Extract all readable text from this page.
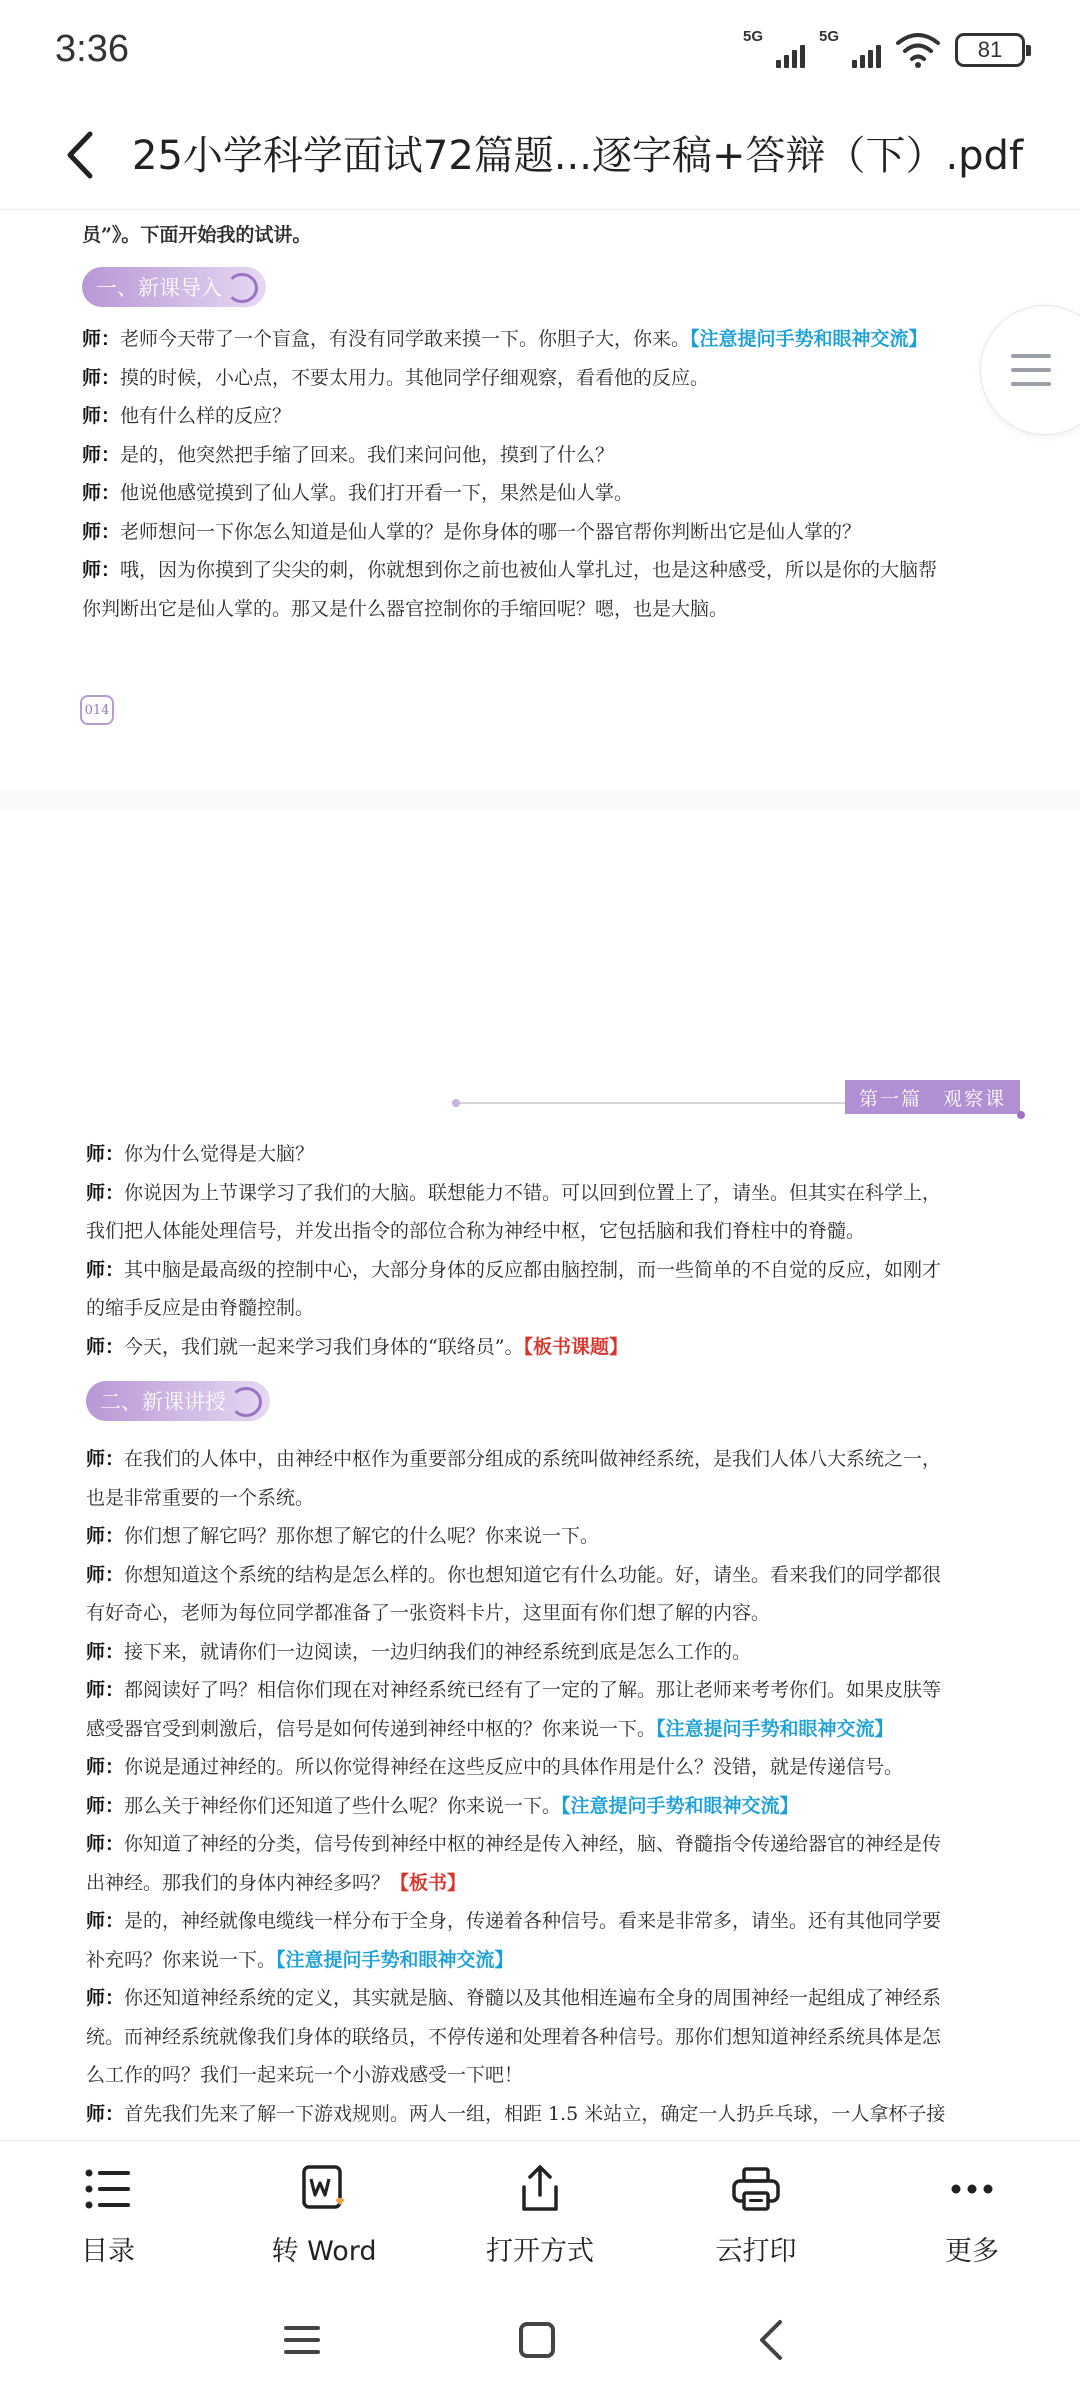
3:36	5G	5G
81
25小学科学面试72篇题...逐字稿+答辩（下）.pdf
员”》。下面开始我的试讲。
一、新课导入
师：老师今天带了一个盲盒，有没有同学敢来摸一下。你胆子大，你来。【注意提问手势和眼神交流】
师：摸的时候，小心点，不要太用力。其他同学仔细观察，看看他的反应。
师：他有什么样的反应？
师：是的，他突然把手缩了回来。我们来问问他，摸到了什么？
师：他说他感觉摸到了仙人掌。我们打开看一下，果然是仙人掌。
师：老师想问一下你怎么知道是仙人掌的？是你身体的哪一个器官帮你判断出它是仙人掌的？
师：哦，因为你摸到了尖尖的刺，你就想到你之前也被仙人掌扎过，也是这种感受，所以是你的大脑帮
你判断出它是仙人掌的。那又是什么器官控制你的手缩回呢？嗯，也是大脑。
014
第一篇　观察课
师：你为什么觉得是大脑？
师：你说因为上节课学习了我们的大脑。联想能力不错。可以回到位置上了，请坐。但其实在科学上，
我们把人体能处理信号，并发出指令的部位合称为神经中枢，它包括脑和我们脊柱中的脊髓。
师：其中脑是最高级的控制中心，大部分身体的反应都由脑控制，而一些简单的不自觉的反应，如刚才
的缩手反应是由脊髓控制。
师：今天，我们就一起来学习我们身体的“联络员”。【板书课题】
二、新课讲授
师：在我们的人体中，由神经中枢作为重要部分组成的系统叫做神经系统，是我们人体八大系统之一，
也是非常重要的一个系统。
师：你们想了解它吗？那你想了解它的什么呢？你来说一下。
师：你想知道这个系统的结构是怎么样的。你也想知道它有什么功能。好，请坐。看来我们的同学都很
有好奇心，老师为每位同学都准备了一张资料卡片，这里面有你们想了解的内容。
师：接下来，就请你们一边阅读，一边归纳我们的神经系统到底是怎么工作的。
师：都阅读好了吗？相信你们现在对神经系统已经有了一定的了解。那让老师来考考你们。如果皮肤等
感受器官受到刺激后，信号是如何传递到神经中枢的？你来说一下。【注意提问手势和眼神交流】
师：你说是通过神经的。所以你觉得神经在这些反应中的具体作用是什么？没错，就是传递信号。
师：那么关于神经你们还知道了些什么呢？你来说一下。【注意提问手势和眼神交流】
师：你知道了神经的分类，信号传到神经中枢的神经是传入神经，脑、脊髓指令传递给器官的神经是传
出神经。那我们的身体内神经多吗？【板书】
师：是的，神经就像电缆线一样分布于全身，传递着各种信号。看来是非常多，请坐。还有其他同学要
补充吗？你来说一下。【注意提问手势和眼神交流】
师：你还知道神经系统的定义，其实就是脑、脊髓以及其他相连遍布全身的周围神经一起组成了神经系
统。而神经系统就像我们身体的联络员，不停传递和处理着各种信号。那你们想知道神经系统具体是怎
么工作的吗？我们一起来玩一个小游戏感受一下吧！
师：首先我们先来了解一下游戏规则。两人一组，相距 1.5 米站立，确定一人扔乒乓球，一人拿杯子接
目录	转 Word	打开方式	云打印	更多
